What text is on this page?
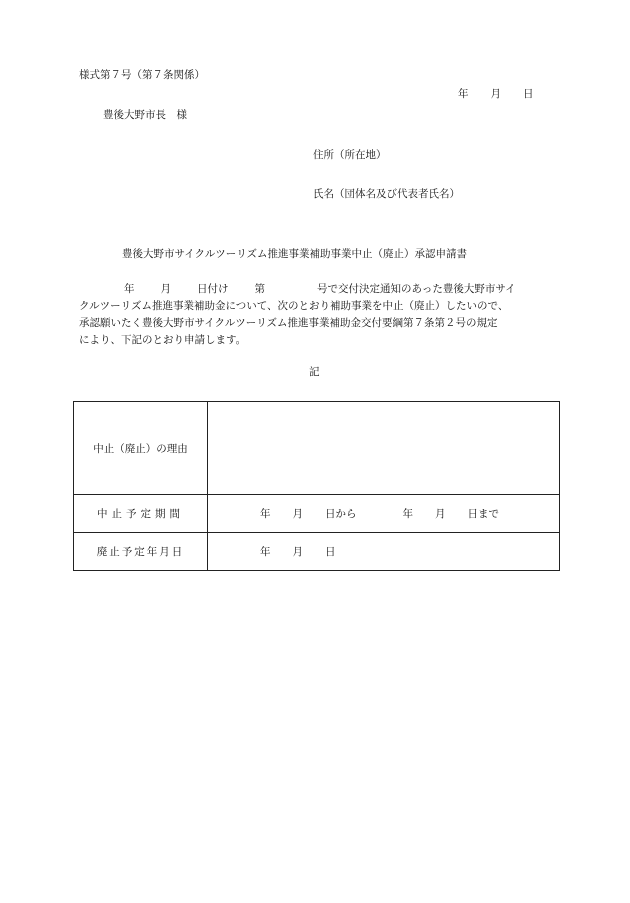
様式第７号（第７条関係）
年 月 日
豊後大野市長　様
住所（所在地）
氏名（団体名及び代表者氏名）
豊後大野市サイクルツーリズム推進事業補助事業中止（廃止）承認申請書
年 月 日付け 第	号で交付決定通知のあった豊後大野市サイ
クルツーリズム推進事業補助金について、次のとおり補助事業を中止（廃止）したいので、
承認願いたく豊後大野市サイクルツーリズム推進事業補助金交付要綱第７条第２号の規定
により、下記のとおり申請します。
記
中止（廃止）の理由	
中止予定期間	年 月 日から 年 月 日まで

廃止予定年月日	年 月 日
